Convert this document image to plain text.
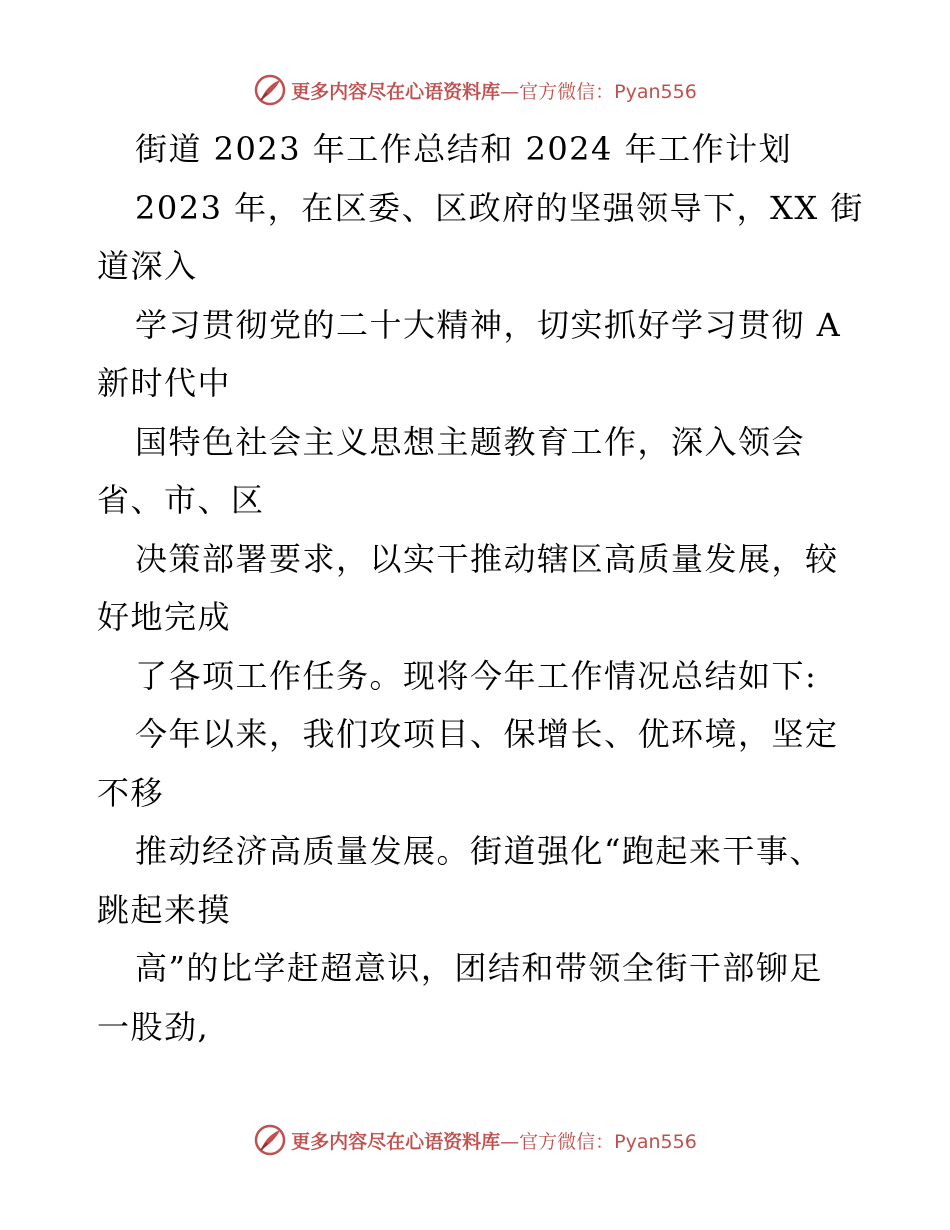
更多内容尽在心语资料库—官方微信：Pyan556
街道 2023 年工作总结和 2024 年工作计划
2023 年，在区委、区政府的坚强领导下，XX 街
道深入
学习贯彻党的二十大精神，切实抓好学习贯彻 A
新时代中
国特色社会主义思想主题教育工作，深入领会
省、市、区
决策部署要求，以实干推动辖区高质量发展，较
好地完成
了各项工作任务。现将今年工作情况总结如下:
今年以来，我们攻项目、保增长、优环境，坚定
不移
推动经济高质量发展。街道强化“跑起来干事、
跳起来摸
高”的比学赶超意识，团结和带领全街干部铆足
一股劲,
更多内容尽在心语资料库—官方微信：Pyan556
